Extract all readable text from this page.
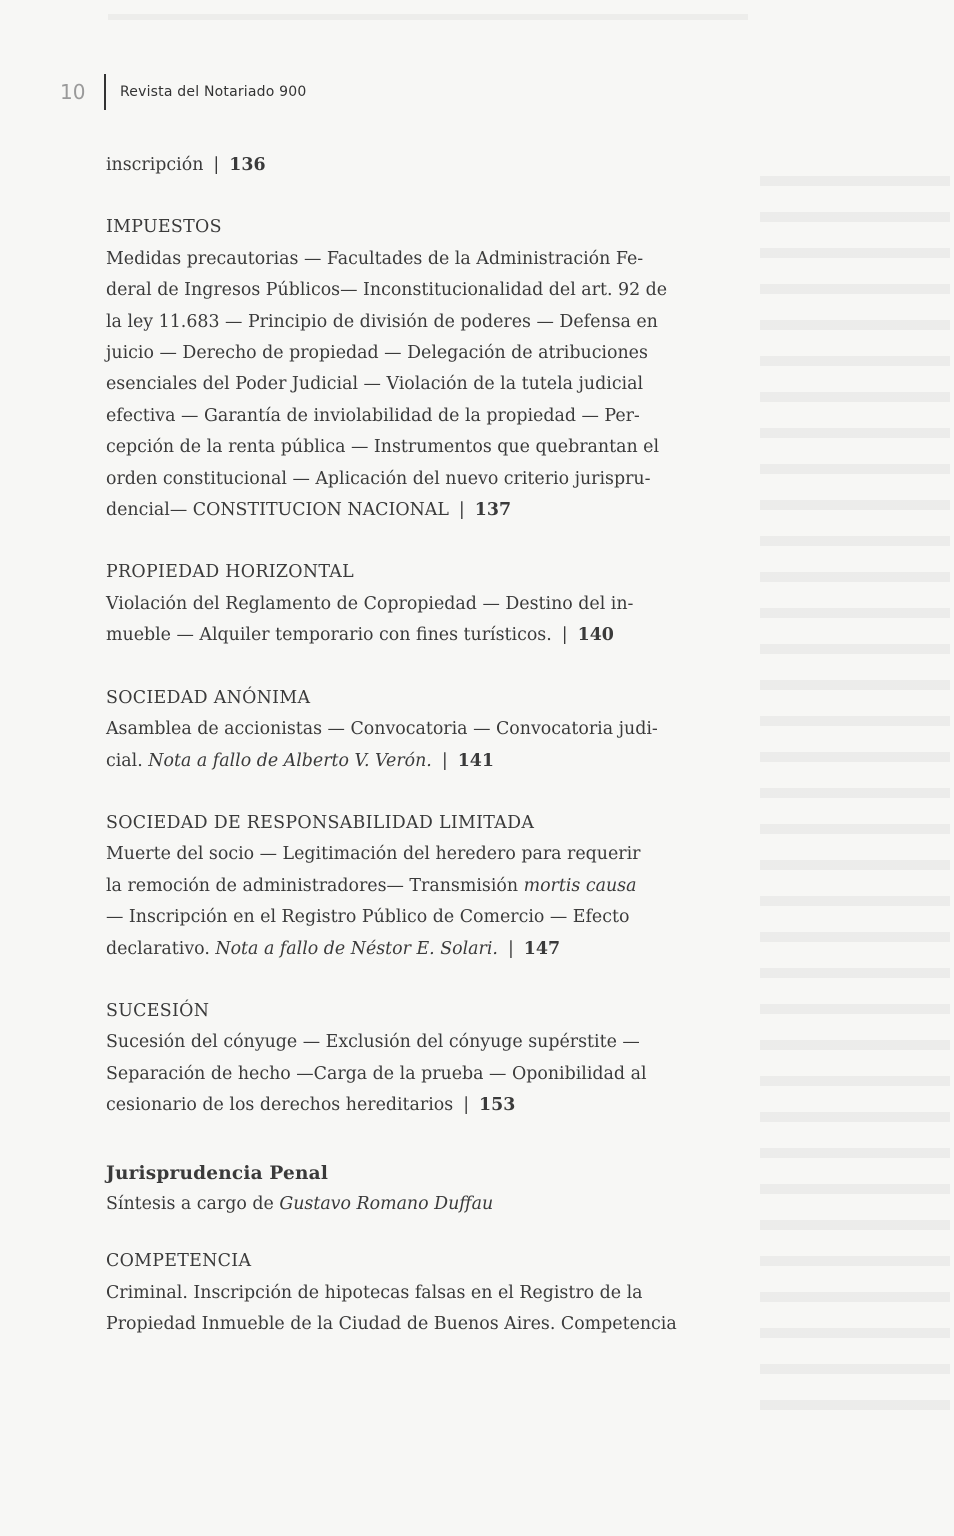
10	Revista del Notariado 900
inscripción | 136
IMPUESTOS
Medidas precautorias — Facultades de la Administración Fe-
deral de Ingresos Públicos— Inconstitucionalidad del art. 92 de
la ley 11.683 — Principio de división de poderes — Defensa en
juicio — Derecho de propiedad — Delegación de atribuciones
esenciales del Poder Judicial — Violación de la tutela judicial
efectiva — Garantía de inviolabilidad de la propiedad — Per-
cepción de la renta pública — Instrumentos que quebrantan el
orden constitucional — Aplicación del nuevo criterio jurispru-
dencial— CONSTITUCION NACIONAL | 137
PROPIEDAD HORIZONTAL
Violación del Reglamento de Copropiedad — Destino del in-
mueble — Alquiler temporario con fines turísticos. | 140
SOCIEDAD ANÓNIMA
Asamblea de accionistas — Convocatoria — Convocatoria judi-
cial. Nota a fallo de Alberto V. Verón. | 141
SOCIEDAD DE RESPONSABILIDAD LIMITADA
Muerte del socio — Legitimación del heredero para requerir
la remoción de administradores— Transmisión mortis causa
— Inscripción en el Registro Público de Comercio — Efecto
declarativo. Nota a fallo de Néstor E. Solari. | 147
SUCESIÓN
Sucesión del cónyuge — Exclusión del cónyuge supérstite —
Separación de hecho —Carga de la prueba — Oponibilidad al
cesionario de los derechos hereditarios | 153
Jurisprudencia Penal
Síntesis a cargo de Gustavo Romano Duffau
COMPETENCIA
Criminal. Inscripción de hipotecas falsas en el Registro de la
Propiedad Inmueble de la Ciudad de Buenos Aires. Competencia
